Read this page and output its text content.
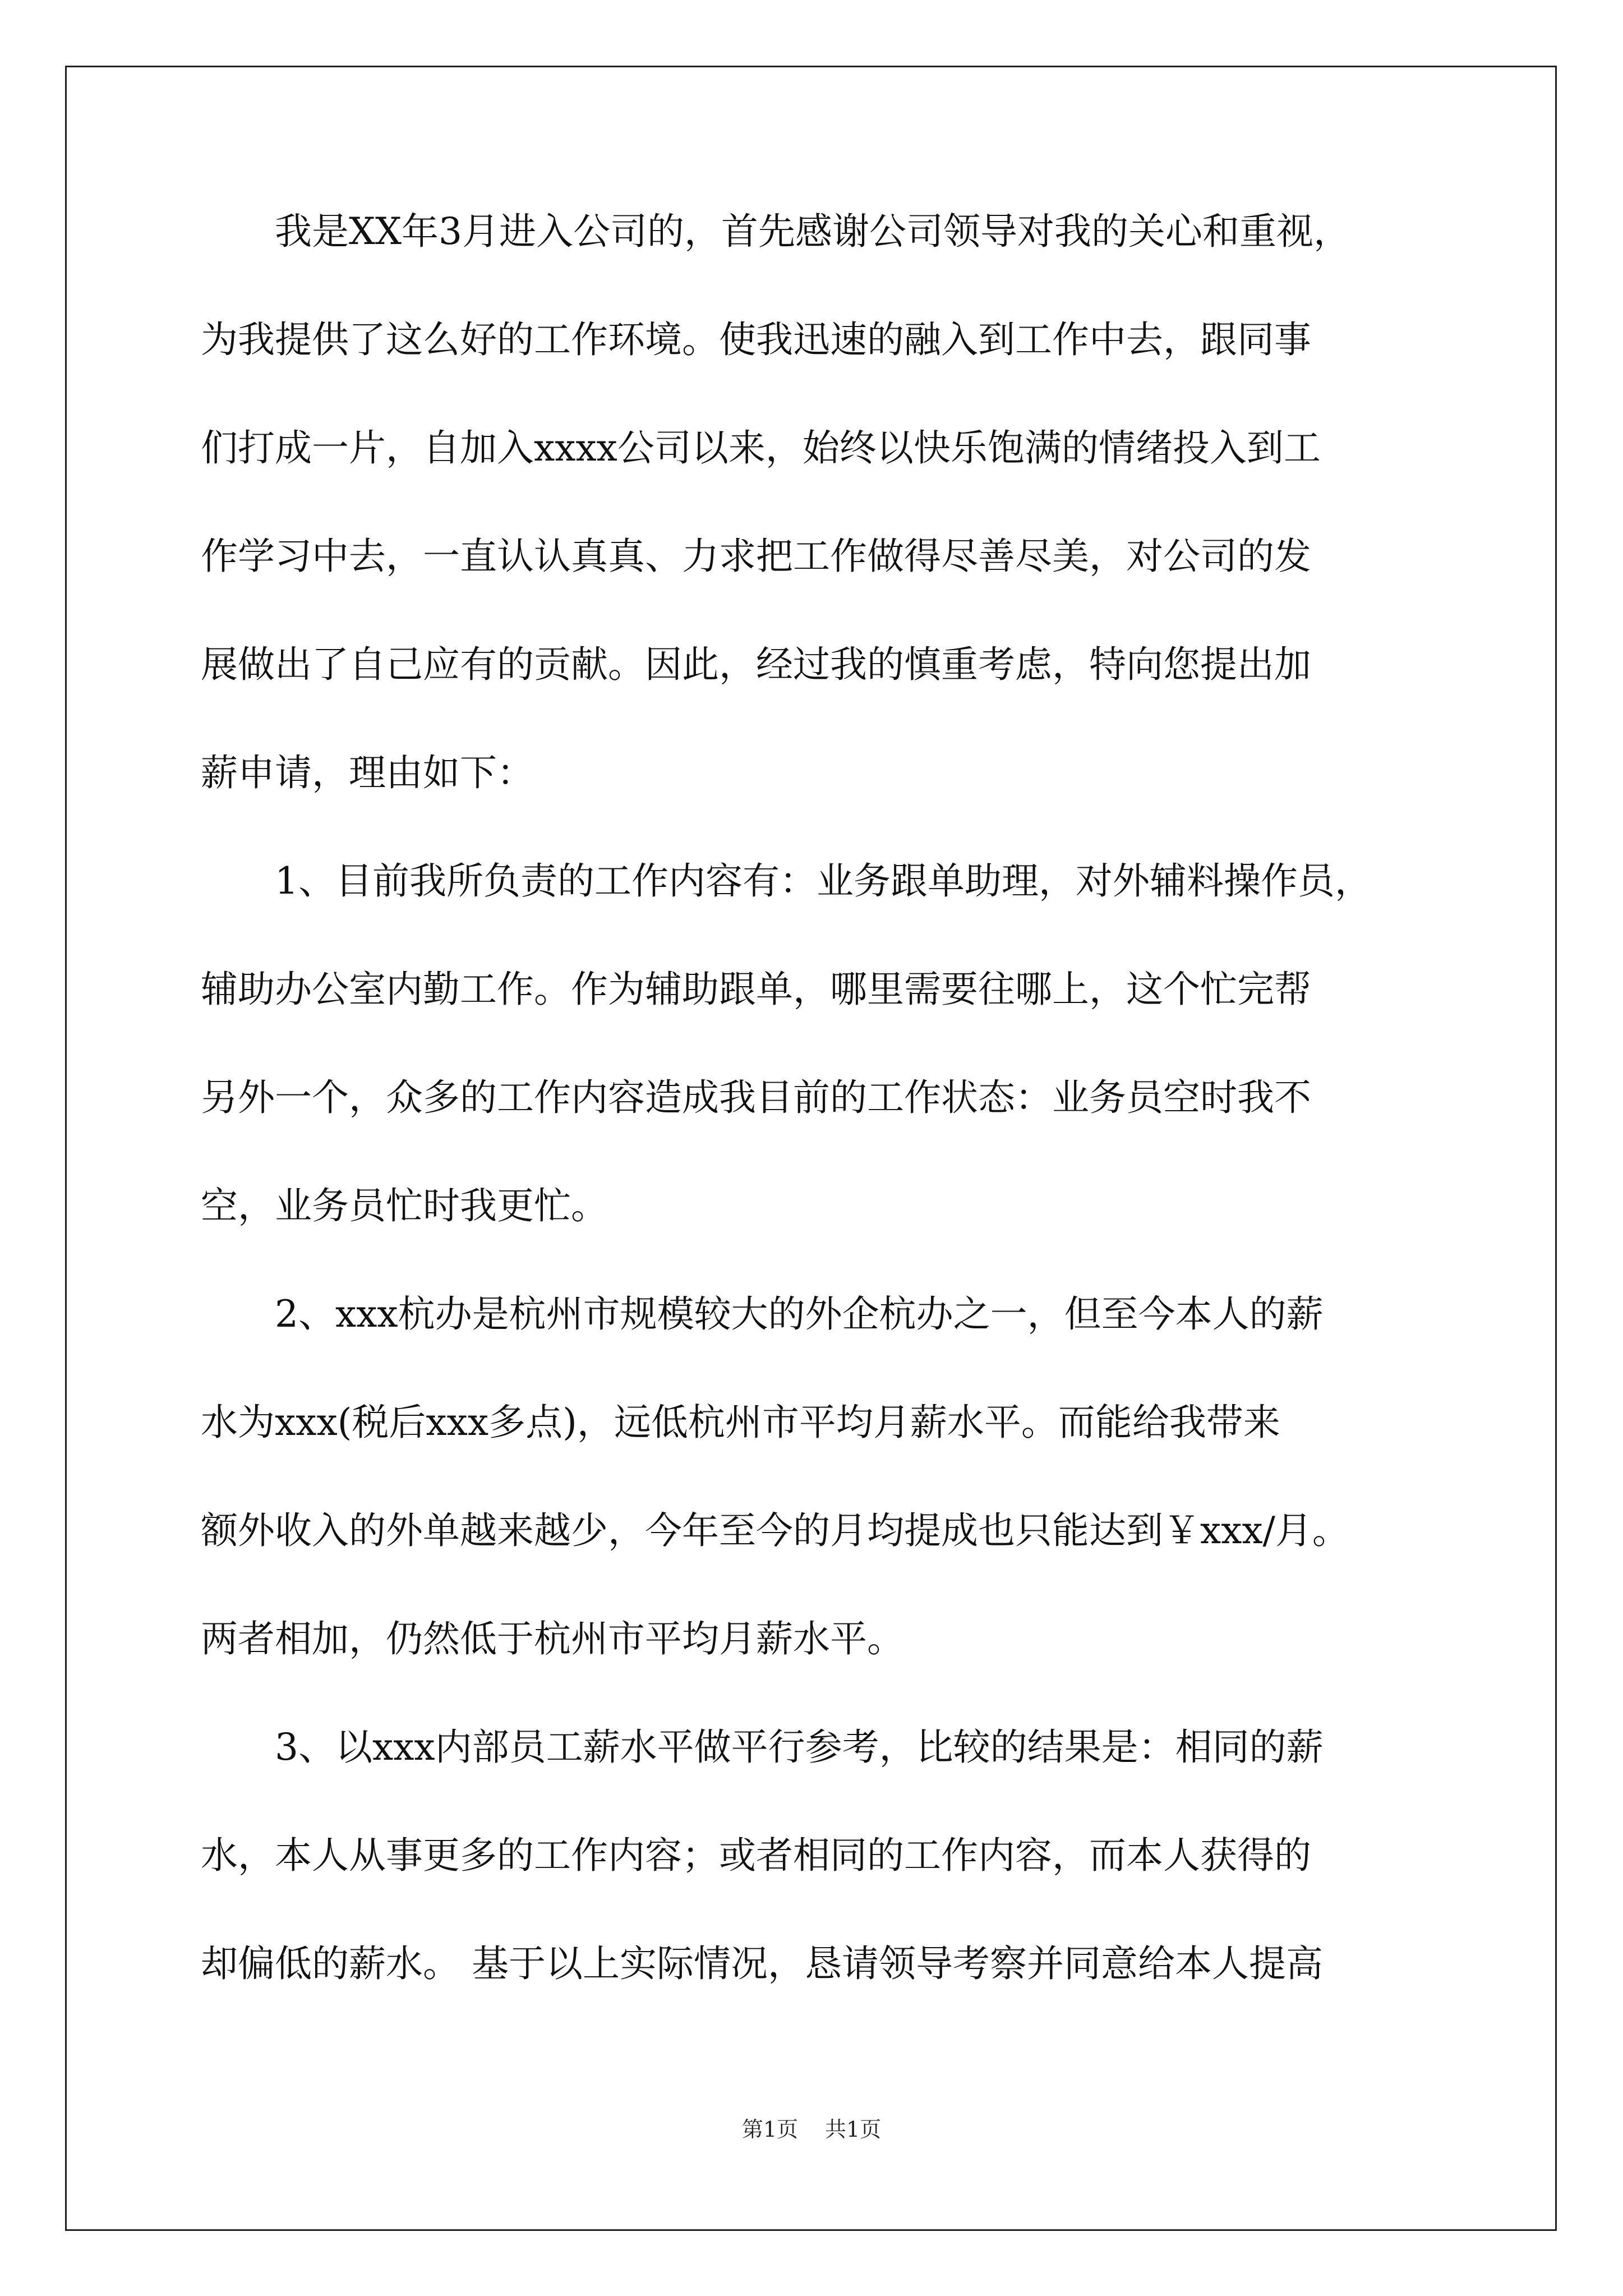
　　我是XX年3月进入公司的，首先感谢公司领导对我的关心和重视，
为我提供了这么好的工作环境。使我迅速的融入到工作中去，跟同事
们打成一片，自加入xxxx公司以来，始终以快乐饱满的情绪投入到工
作学习中去，一直认认真真、力求把工作做得尽善尽美，对公司的发
展做出了自己应有的贡献。因此，经过我的慎重考虑，特向您提出加
薪申请，理由如下：
　　1、目前我所负责的工作内容有：业务跟单助理，对外辅料操作员，
辅助办公室内勤工作。作为辅助跟单，哪里需要往哪上，这个忙完帮
另外一个，众多的工作内容造成我目前的工作状态：业务员空时我不
空，业务员忙时我更忙。
　　2、xxx杭办是杭州市规模较大的外企杭办之一，但至今本人的薪
水为xxx(税后xxx多点)，远低杭州市平均月薪水平。而能给我带来
额外收入的外单越来越少，今年至今的月均提成也只能达到￥xxx/月。
两者相加，仍然低于杭州市平均月薪水平。
　　3、以xxx内部员工薪水平做平行参考，比较的结果是：相同的薪
水，本人从事更多的工作内容；或者相同的工作内容，而本人获得的
却偏低的薪水。 基于以上实际情况，恳请领导考察并同意给本人提高
第1页 共1页
